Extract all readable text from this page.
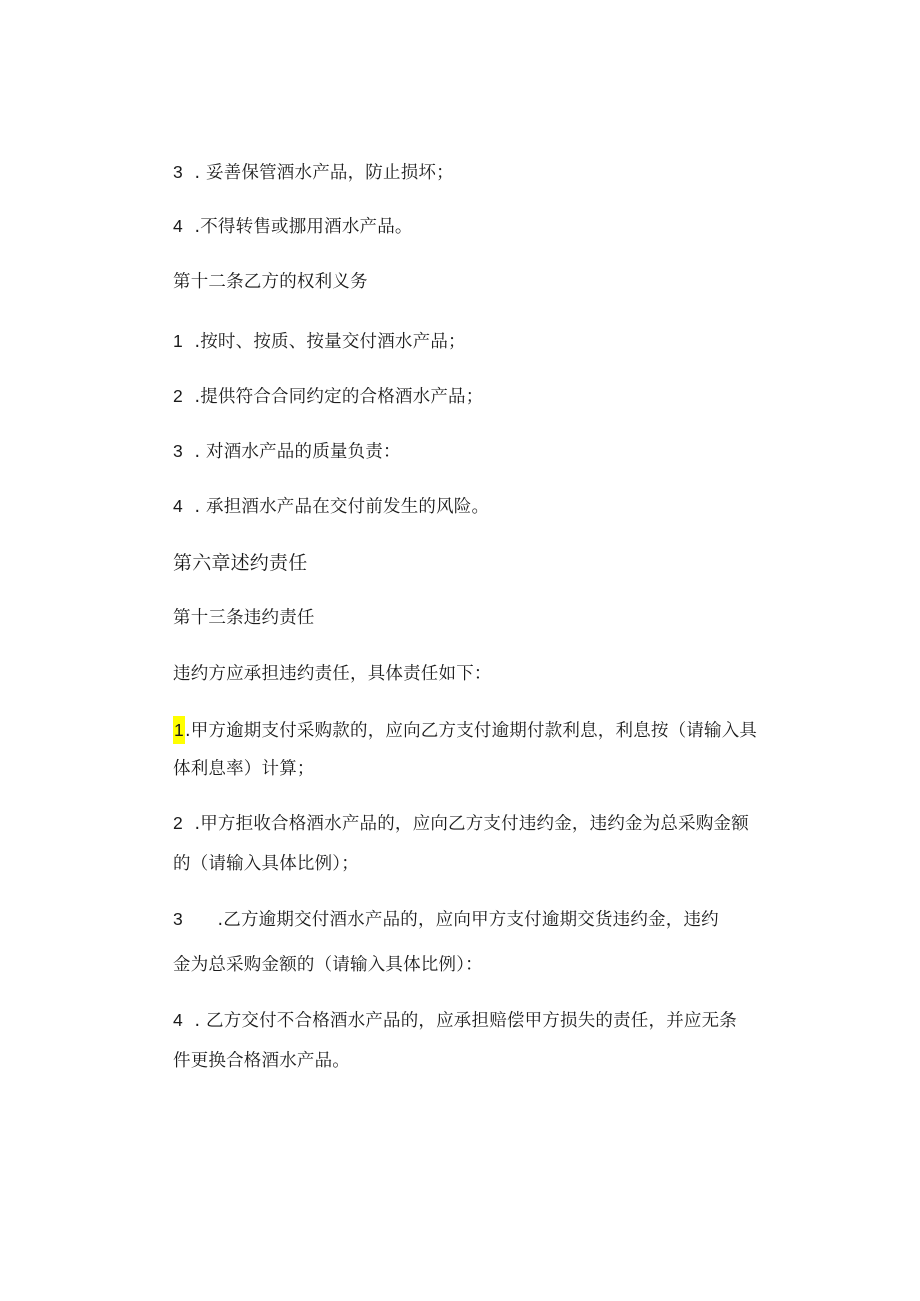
3  . 妥善保管酒水产品，防止损坏；
4  .不得转售或挪用酒水产品。
第十二条乙方的权利义务
1  .按时、按质、按量交付酒水产品；
2  .提供符合合同约定的合格酒水产品；
3  . 对酒水产品的质量负责：
4  . 承担酒水产品在交付前发生的风险。
第六章述约责任
第十三条违约责任
违约方应承担违约责任，具体责任如下：
1.甲方逾期支付采购款的，应向乙方支付逾期付款利息，利息按（请输入具
体利息率）计算；
2  .甲方拒收合格酒水产品的，应向乙方支付违约金，违约金为总采购金额
的（请输入具体比例）；
3      .乙方逾期交付酒水产品的，应向甲方支付逾期交货违约金，违约
金为总采购金额的（请输入具体比例）：
4  . 乙方交付不合格酒水产品的，应承担赔偿甲方损失的责任，并应无条
件更换合格酒水产品。
